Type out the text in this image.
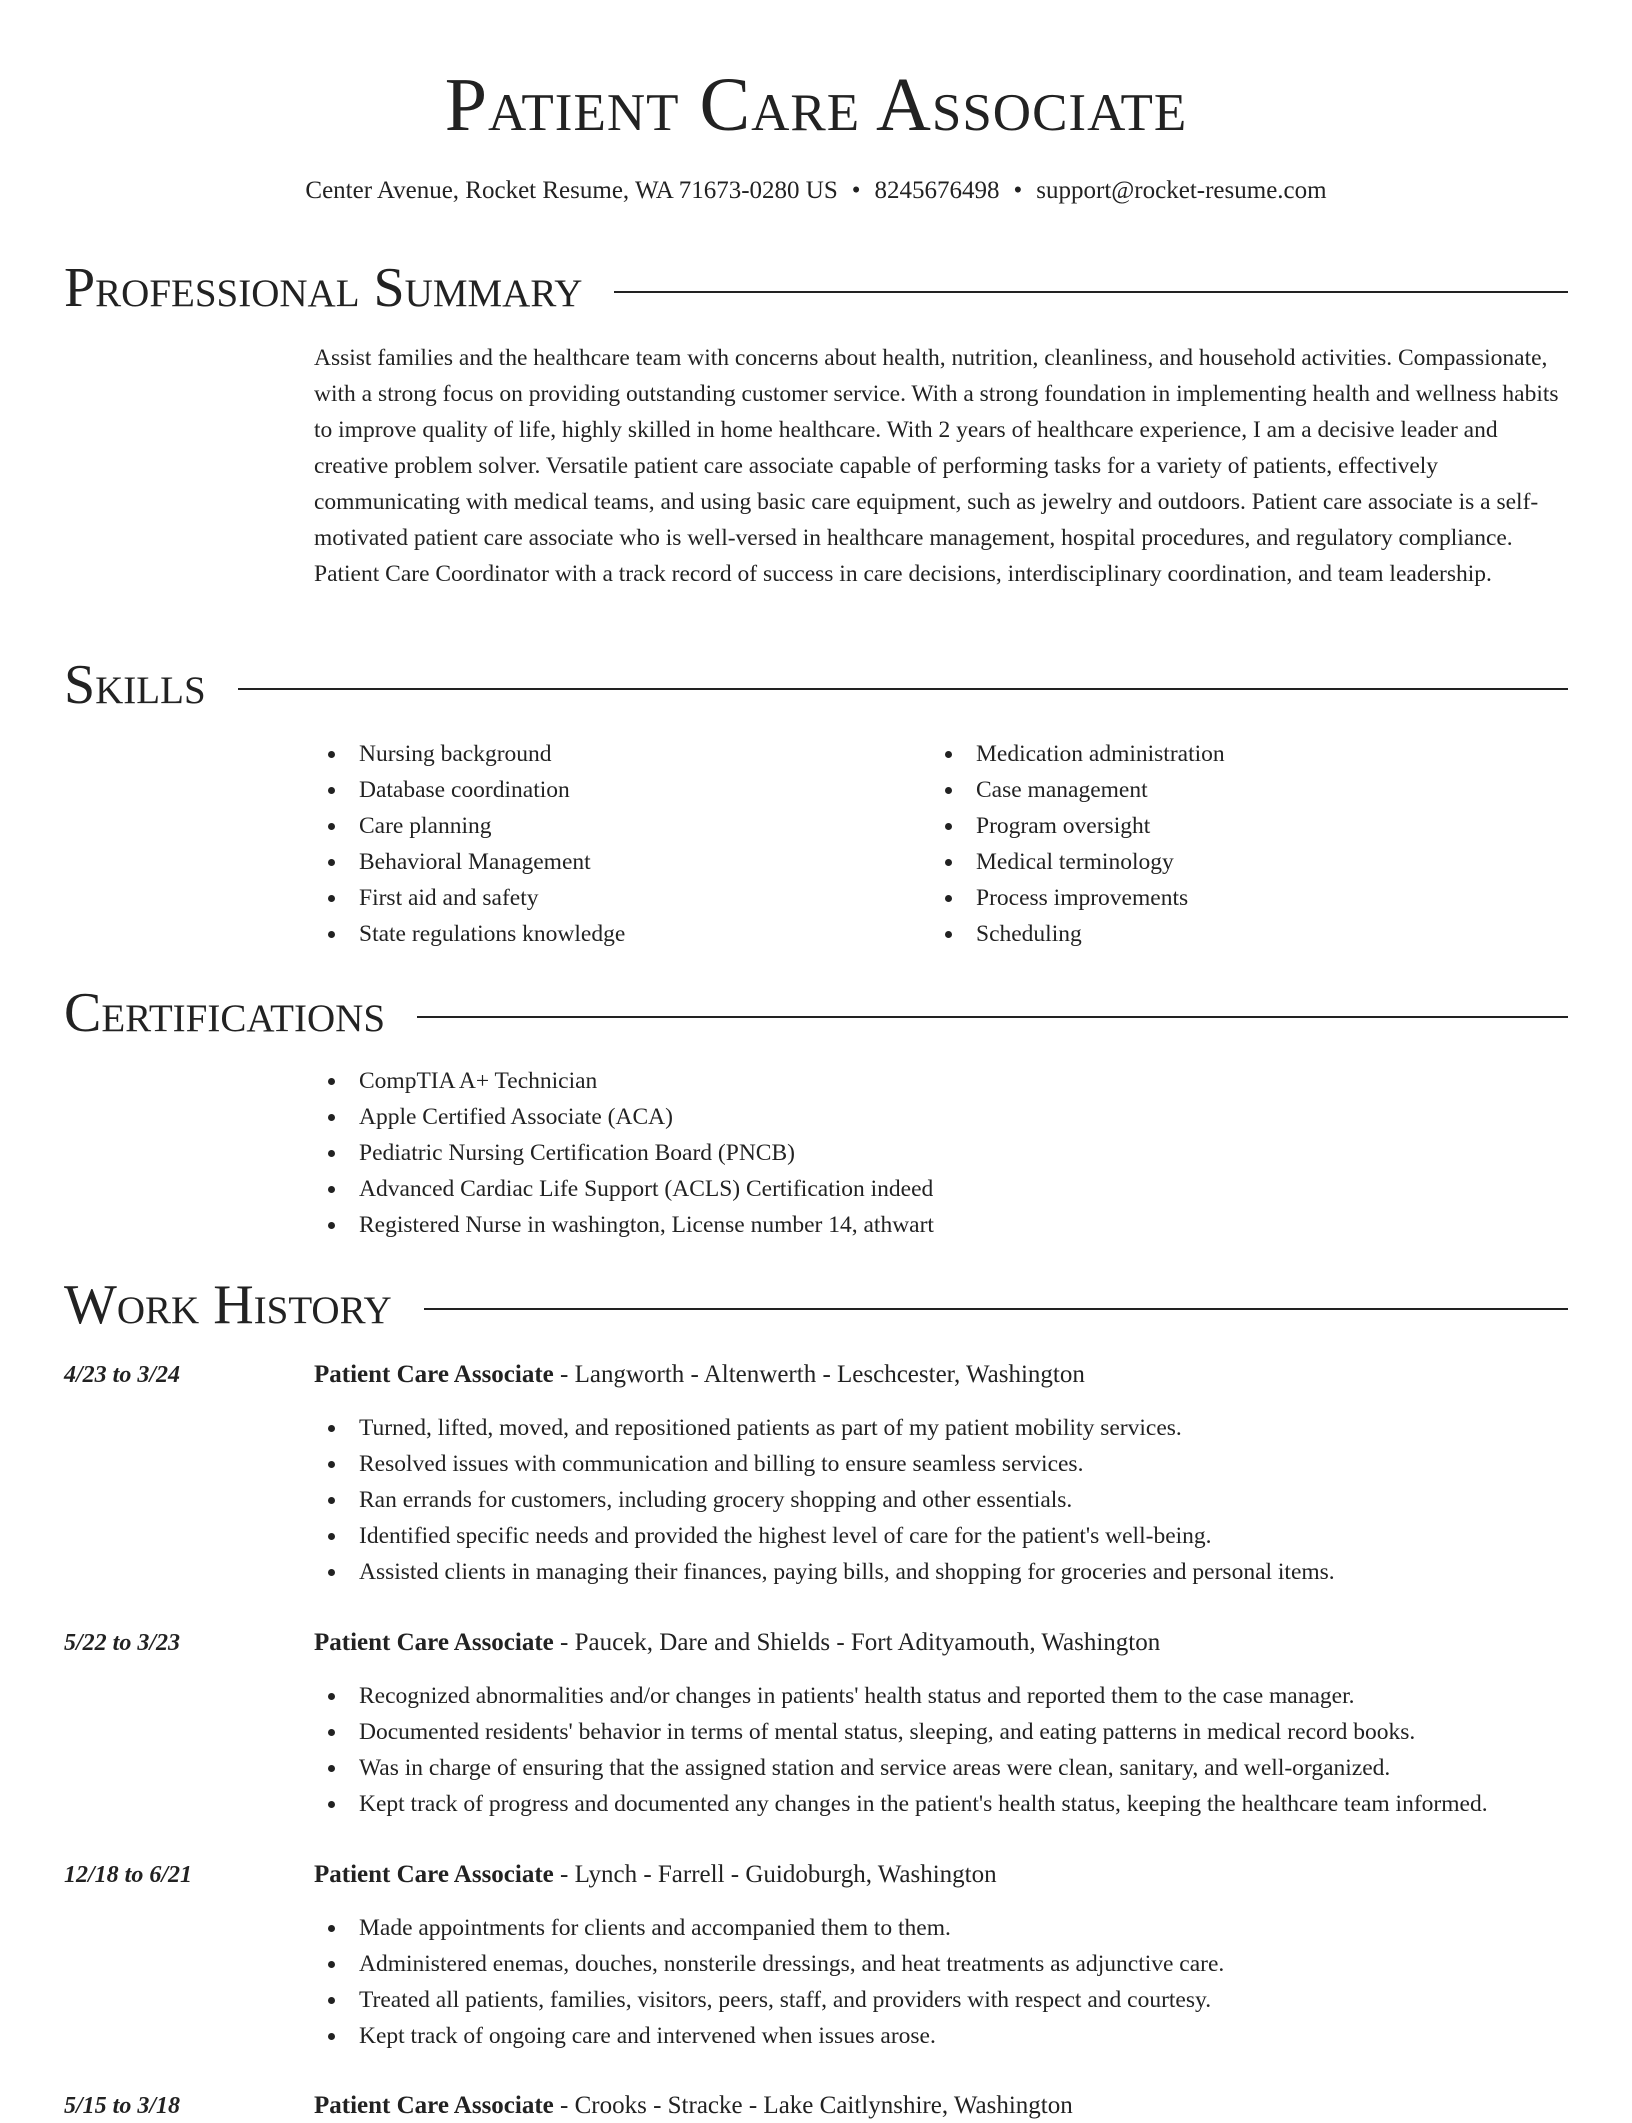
Patient Care Associate
Center Avenue, Rocket Resume, WA 71673-0280 US • 8245676498 • support@rocket-resume.com
Professional Summary

Assist families and the healthcare team with concerns about health, nutrition, cleanliness, and household activities. Compassionate, with a strong focus on providing outstanding customer service. With a strong foundation in implementing health and wellness habits to improve quality of life, highly skilled in home healthcare. With 2 years of healthcare experience, I am a decisive leader and creative problem solver. Versatile patient care associate capable of performing tasks for a variety of patients, effectively communicating with medical teams, and using basic care equipment, such as jewelry and outdoors. Patient care associate is a self-motivated patient care associate who is well-versed in healthcare management, hospital procedures, and regulatory compliance. Patient Care Coordinator with a track record of success in care decisions, interdisciplinary coordination, and team leadership.

Skills
Nursing background
Database coordination
Care planning
Behavioral Management
First aid and safety
State regulations knowledge
Medication administration
Case management
Program oversight
Medical terminology
Process improvements
Scheduling
Certifications
CompTIA A+ Technician
Apple Certified Associate (ACA)
Pediatric Nursing Certification Board (PNCB)
Advanced Cardiac Life Support (ACLS) Certification indeed
Registered Nurse in washington, License number 14, athwart
Work History
4/23 to 3/24	Patient Care Associate - Langworth - Altenwerth - Leschcester, Washington
Turned, lifted, moved, and repositioned patients as part of my patient mobility services.
Resolved issues with communication and billing to ensure seamless services.
Ran errands for customers, including grocery shopping and other essentials.
Identified specific needs and provided the highest level of care for the patient's well-being.
Assisted clients in managing their finances, paying bills, and shopping for groceries and personal items.
5/22 to 3/23	Patient Care Associate - Paucek, Dare and Shields - Fort Adityamouth, Washington
Recognized abnormalities and/or changes in patients' health status and reported them to the case manager.
Documented residents' behavior in terms of mental status, sleeping, and eating patterns in medical record books.
Was in charge of ensuring that the assigned station and service areas were clean, sanitary, and well-organized.
Kept track of progress and documented any changes in the patient's health status, keeping the healthcare team informed.
12/18 to 6/21	Patient Care Associate - Lynch - Farrell - Guidoburgh, Washington
Made appointments for clients and accompanied them to them.
Administered enemas, douches, nonsterile dressings, and heat treatments as adjunctive care.
Treated all patients, families, visitors, peers, staff, and providers with respect and courtesy.
Kept track of ongoing care and intervened when issues arose.
5/15 to 3/18	Patient Care Associate - Crooks - Stracke - Lake Caitlynshire, Washington
